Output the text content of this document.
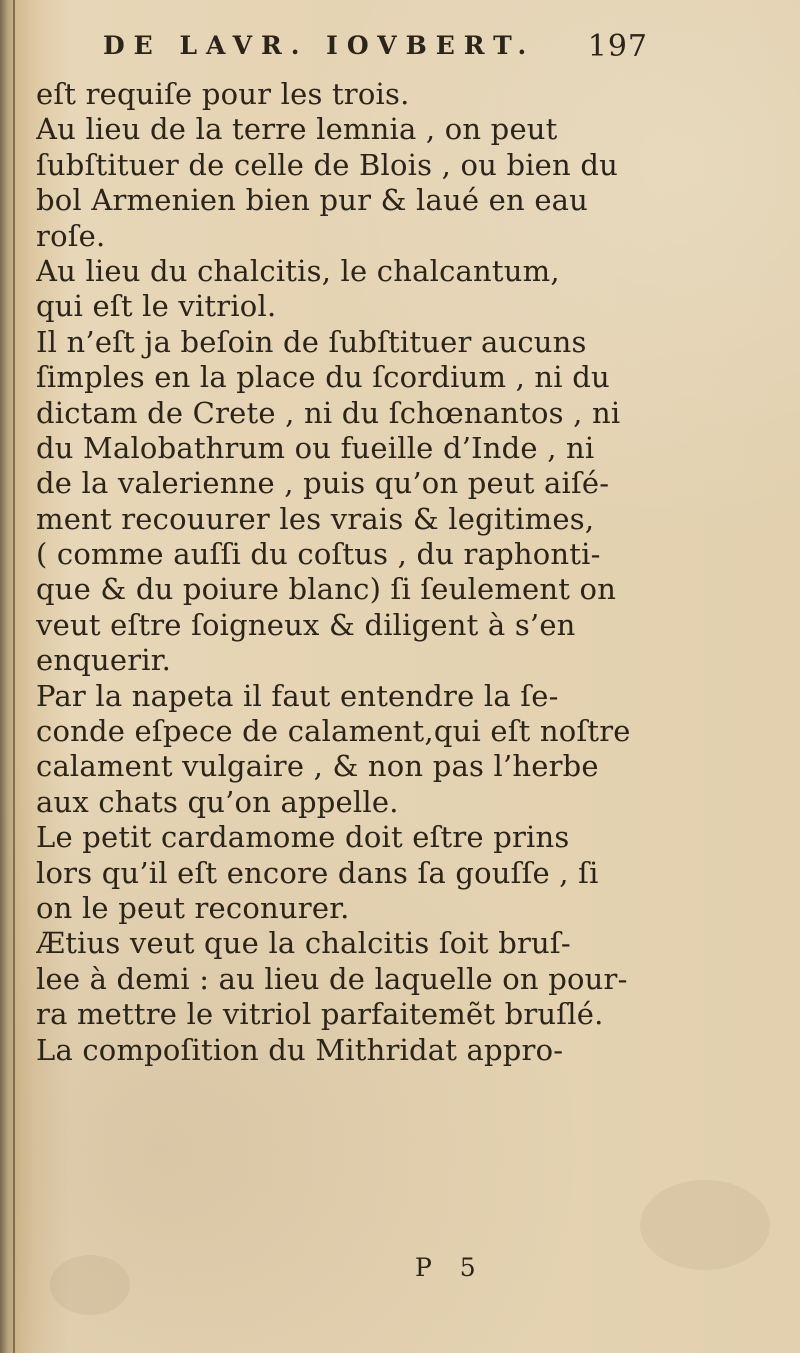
DE LAVR. IOVBERT. 197
eſt requiſe pour les trois.
Au lieu de la terre lemnia , on peut
ſubſtituer de celle de Blois , ou bien du
bol Armenien bien pur & laué en eau
roſe.
Au lieu du chalcitis, le chalcantum,
qui eſt le vitriol.
Il n’eſt ja beſoin de ſubſtituer aucuns
ſimples en la place du ſcordium , ni du
dictam de Crete , ni du ſchœnantos , ni
du Malobathrum ou fueille d’Inde , ni
de la valerienne , puis qu’on peut aiſé-
ment recouurer les vrais & legitimes,
( comme auſſi du coſtus , du raphonti-
que & du poiure blanc) ſi ſeulement on
veut eſtre ſoigneux & diligent à s’en
enquerir.
Par la napeta il faut entendre la ſe-
conde eſpece de calament,qui eſt noſtre
calament vulgaire , & non pas l’herbe
aux chats qu’on appelle.
Le petit cardamome doit eſtre prins
lors qu’il eſt encore dans ſa gouſſe , ſi
on le peut reconurer.
Ætius veut que la chalcitis ſoit bruſ-
lee à demi : au lieu de laquelle on pour-
ra mettre le vitriol parfaitemẽt bruſlé.
La compoſition du Mithridat appro-
P 5
